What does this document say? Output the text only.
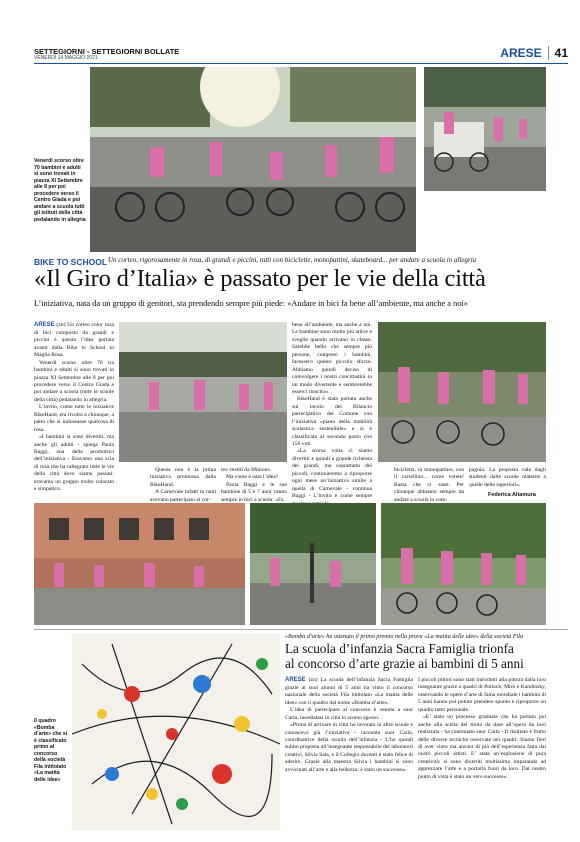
SETTEGIORNI - SETTEGIORNI BOLLATE
VENERDÌ 14 MAGGIO 2021	ARESE 41
Venerdì scorso oltre 70 bambini e adulti si sono trovati in piazza XI Settembre alle 8 per poi procedere verso il Centro Giada e poi andare a scuola tutti gli istituti della città pedalando in allegria
BIKE TO SCHOOL Un corteo, rigorosamente in rosa, di grandi e piccini, tutti con biciclette, monopattini, skateboard... per andare a scuola in allegria
«Il Giro d’Italia» è passato per le vie della città
L’iniziativa, nata da un gruppo di genitori, sta prendendo sempre più piede: «Andare in bici fa bene all’ambiente, ma anche a noi»

ARESE (zn) Un corteo color rosa di bici composto da grandi e piccini è questa l’idea portata avanti dalla Bike to School in Maglia Rosa.

Venerdì scorso oltre 70 tra bambini e adulti si sono trovati in piazza XI Settembre alle 8 per poi procedere verso il Centro Giada e poi andare a scuola (tutte le scuole della città) pedalando in allegria.

L’invito, come tutte le iniziative BikeHand, era rivolto a chiunque, a patto che si indossasse qualcosa di rosa.

«I bambini si sono divertiti, ma anche gli adulti - spiega Paola Baggi, una delle promotrici dell’iniziativa - Eravamo una scia di rosa che ha rallegrato tutte le vie della città dove siamo passati: eravamo un gruppo molto colorato e simpatico.

Questa non è la prima iniziativa promossa dalla BikeHand.

A Carnevale infatti in tanti avevano partecipato al cor-

teo vestiti da Minions.

Ma come è nata l’idea?

Paola Baggi e le sue bambine di 5 e 7 anni vanno sempre in bici a scuola: «Fa

bene all’ambiente, ma anche a noi. Le bambine sono molto più attive e sveglie quando arrivano in classe. Sarebbe bello che sempre più persone, compresi i bambini, facessero questo piccolo sforzo. Abbiamo quindi deciso di coinvolgere i nostri concittadini in un modo divertente e sembrerebbe esserci riuscito».

BikeHand è stata portata anche sul tavolo del Bilancio partecipativo del Comune con l’iniziativa «piano della mobilità scolastica sostenibile» e si è classificata al secondo posto con 156 voti.

«La scorsa volta ci siamo divertiti e quindi a grande richiesta dei grandi, ma soprattutto dei piccoli, continueremo a riproporre ogni mese un’iniziativa simile a quella di Carnevale - continua Baggi - L’invito è come sempre

bicicletta, in monopattino, con il carrellino... come volete! Basta che ci siate. Per chiunque abbiamo sempre da andare a scuola in com-

pagnia. La proposta vale dagli studenti dalle scuole materne a quelle delle superiori».

Federica Altamura
Il quadro «Bomba d’arte» che si è classificato primo al concorso della società Fila intitolato «La matita delle idee»
«Bomba d’arte» ha ottenuto il primo premio nella prova «La matita delle idee» della società Fila
La scuola d’infanzia Sacra Famiglia trionfa
al concorso d’arte grazie ai bambini di 5 anni

ARESE (zn) La scuola dell’infanzia Sacra Famiglia grazie ai suoi alunni di 5 anni ha vinto il concorso nazionale della società Fila intitolato «La matita delle idee» con il quadro dal nome «Bomba d’arte».

L’idea di partecipare al concorso è venuta a suor Carla, insediatasi in città lo scorso agosto.

«Prima di arrivare in città ho lavorato in altre scuole e conoscevo già l’iniziativa - racconta suor Carla, coordinatrice della scuola dell’infanzia - L’ho quindi subito proposta all’insegnante responsabile del laboratori creativi, Silvia Sala, e il Collegio docenti è stato felice di aderire. Grazie alla maestra Silvia i bambini si sono avvicinati all’arte e alla bellezza: è stato un successo».

I piccoli pittori sono stati introdotti alla pittura dalla loro insegnante grazie a quadri di Pollock, Mirò e Kandinsky, osservando le opere d’arte di fama mondiale i bambini di 5 anni hanno poi potuto prendere spunto e riproporre un quadro tutto personale.

«E’ stato un processo graduale che ha portato poi anche alla scelta del titolo da dare all’opera da loro realizzata - ha continuato suor Carla - Il risultato è frutto delle diverse tecniche osservate nei quadri. Siamo fieri di aver vinto ma ancora di più dell’esperienza fatta dai nostri piccoli artisti. E’ stata un’esplosione di pura creatività: si sono divertiti moltissimo imparando ad apprezzare l’arte e a portarla fuori da loro. Dal nostro punto di vista è stato un vero successo».
